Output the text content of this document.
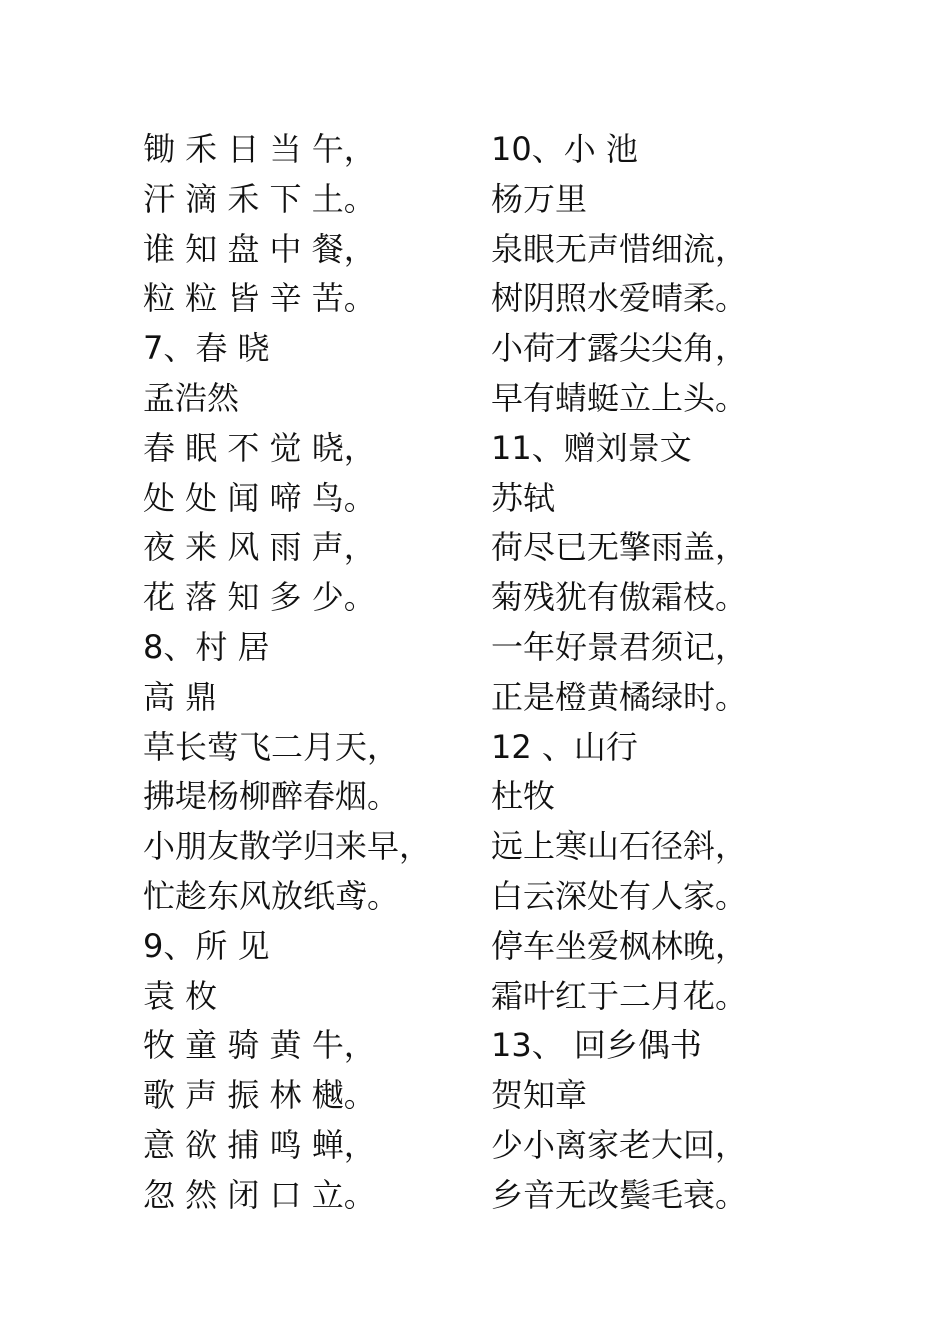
锄 禾 日 当 午，
汗 滴 禾 下 土。
谁 知 盘 中 餐，
粒 粒 皆 辛 苦。
7、春 晓
孟浩然
春 眠 不 觉 晓，
处 处 闻 啼 鸟。
夜 来 风 雨 声，
花 落 知 多 少。
8、村 居
高 鼎
草长莺飞二月天，
拂堤杨柳醉春烟。
小朋友散学归来早，
忙趁东风放纸鸢。
9、所 见
袁 枚
牧 童 骑 黄 牛，
歌 声 振 林 樾。
意 欲 捕 鸣 蝉，
忽 然 闭 口 立。
10、小 池
杨万里
泉眼无声惜细流，
树阴照水爱晴柔。
小荷才露尖尖角，
早有蜻蜓立上头。
11、赠刘景文
苏轼
荷尽已无擎雨盖，
菊残犹有傲霜枝。
一年好景君须记，
正是橙黄橘绿时。
12 、山行
杜牧
远上寒山石径斜，
白云深处有人家。
停车坐爱枫林晚，
霜叶红于二月花。
13、 回乡偶书
贺知章
少小离家老大回，
乡音无改鬓毛衰。
